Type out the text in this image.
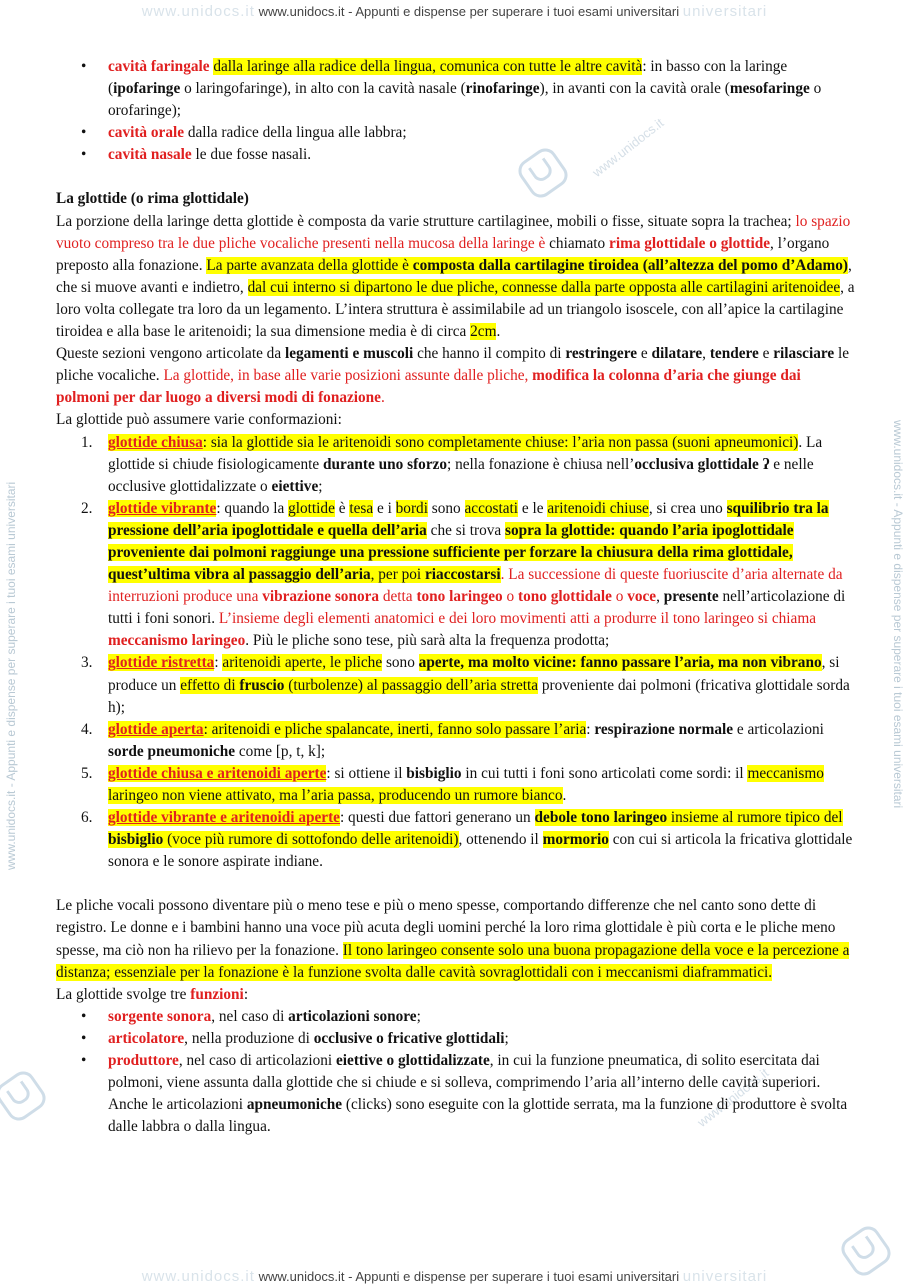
www.unidocs.it www.unidocs.it - Appunti e dispense per superare i tuoi esami universitari universitari
www.unidocs.it - Appunti e dispense per superare i tuoi esami universitari	www.unidocs.it - Appunti e dispense per superare i tuoi esami universitari
www.unidocs.it
www.unidocs.it
• cavità faringale dalla laringe alla radice della lingua, comunica con tutte le altre cavità: in basso con la laringe (ipofaringe o laringofaringe), in alto con la cavità nasale (rinofaringe), in avanti con la cavità orale (mesofaringe o orofaringe);
• cavità orale dalla radice della lingua alle labbra;
• cavità nasale le due fosse nasali.

La glottide (o rima glottidale)

La porzione della laringe detta glottide è composta da varie strutture cartilaginee, mobili o fisse, situate sopra la trachea; lo spazio vuoto compreso tra le due pliche vocaliche presenti nella mucosa della laringe è chiamato rima glottidale o glottide, l’organo preposto alla fonazione. La parte avanzata della glottide è composta dalla cartilagine tiroidea (all’altezza del pomo d’Adamo), che si muove avanti e indietro, dal cui interno si dipartono le due pliche, connesse dalla parte opposta alle cartilagini aritenoidee, a loro volta collegate tra loro da un legamento. L’intera struttura è assimilabile ad un triangolo isoscele, con all’apice la cartilagine tiroidea e alla base le aritenoidi; la sua dimensione media è di circa 2cm.

Queste sezioni vengono articolate da legamenti e muscoli che hanno il compito di restringere e dilatare, tendere e rilasciare le pliche vocaliche. La glottide, in base alle varie posizioni assunte dalle pliche, modifica la colonna d’aria che giunge dai polmoni per dar luogo a diversi modi di fonazione.

La glottide può assumere varie conformazioni:

1. glottide chiusa: sia la glottide sia le aritenoidi sono completamente chiuse: l’aria non passa (suoni apneumonici). La glottide si chiude fisiologicamente durante uno sforzo; nella fonazione è chiusa nell’occlusiva glottidale ʔ e nelle occlusive glottidalizzate o eiettive;
2. glottide vibrante: quando la glottide è tesa e i bordi sono accostati e le aritenoidi chiuse, si crea uno squilibrio tra la pressione dell’aria ipoglottidale e quella dell’aria che si trova sopra la glottide: quando l’aria ipoglottidale proveniente dai polmoni raggiunge una pressione sufficiente per forzare la chiusura della rima glottidale, quest’ultima vibra al passaggio dell’aria, per poi riaccostarsi. La successione di queste fuoriuscite d’aria alternate da interruzioni produce una vibrazione sonora detta tono laringeo o tono glottidale o voce, presente nell’articolazione di tutti i foni sonori. L’insieme degli elementi anatomici e dei loro movimenti atti a produrre il tono laringeo si chiama meccanismo laringeo. Più le pliche sono tese, più sarà alta la frequenza prodotta;
3. glottide ristretta: aritenoidi aperte, le pliche sono aperte, ma molto vicine: fanno passare l’aria, ma non vibrano, si produce un effetto di fruscio (turbolenze) al passaggio dell’aria stretta proveniente dai polmoni (fricativa glottidale sorda h);
4. glottide aperta: aritenoidi e pliche spalancate, inerti, fanno solo passare l’aria: respirazione normale e articolazioni sorde pneumoniche come [p, t, k];
5. glottide chiusa e aritenoidi aperte: si ottiene il bisbiglio in cui tutti i foni sono articolati come sordi: il meccanismo laringeo non viene attivato, ma l’aria passa, producendo un rumore bianco.
6. glottide vibrante e aritenoidi aperte: questi due fattori generano un debole tono laringeo insieme al rumore tipico del bisbiglio (voce più rumore di sottofondo delle aritenoidi), ottenendo il mormorio con cui si articola la fricativa glottidale sonora e le sonore aspirate indiane.

Le pliche vocali possono diventare più o meno tese e più o meno spesse, comportando differenze che nel canto sono dette di registro. Le donne e i bambini hanno una voce più acuta degli uomini perché la loro rima glottidale è più corta e le pliche meno spesse, ma ciò non ha rilievo per la fonazione. Il tono laringeo consente solo una buona propagazione della voce e la percezione a distanza; essenziale per la fonazione è la funzione svolta dalle cavità sovraglottidali con i meccanismi diaframmatici.

La glottide svolge tre funzioni:

• sorgente sonora, nel caso di articolazioni sonore;
• articolatore, nella produzione di occlusive o fricative glottidali;
• produttore, nel caso di articolazioni eiettive o glottidalizzate, in cui la funzione pneumatica, di solito esercitata dai polmoni, viene assunta dalla glottide che si chiude e si solleva, comprimendo l’aria all’interno delle cavità superiori. Anche le articolazioni apneumoniche (clicks) sono eseguite con la glottide serrata, ma la funzione di produttore è svolta dalle labbra o dalla lingua.
www.unidocs.it www.unidocs.it - Appunti e dispense per superare i tuoi esami universitari universitari
